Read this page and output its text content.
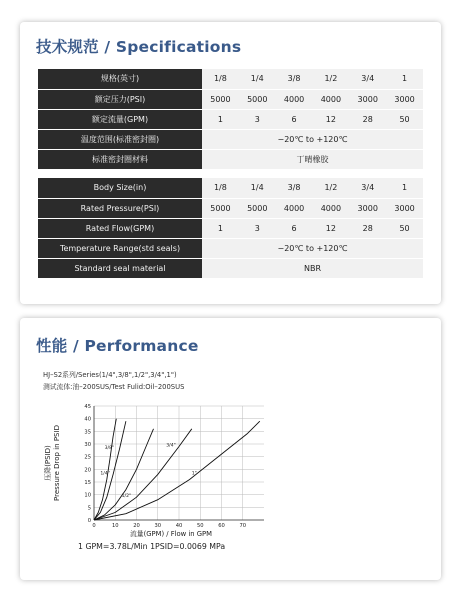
技术规范 / Specifications
规格(英寸)	1/8	1/4	3/8	1/2	3/4	1
额定压力(PSI)	5000	5000	4000	4000	3000	3000
额定流量(GPM)	1	3	6	12	28	50
温度范围(标准密封圈)	−20℃ to +120℃					
标准密封圈材料	丁晴橡胶					
Body Size(in)	1/8	1/4	3/8	1/2	3/4	1
Rated Pressure(PSI)	5000	5000	4000	4000	3000	3000
Rated Flow(GPM)	1	3	6	12	28	50
Temperature Range(std seals)	−20℃ to +120℃					
Standard seal material	NBR					
性能 / Performance
HJ–S2系列/Series(1/4",3/8",1/2",3/4",1")
测试流体:油–200SUS/Test Fulid:Oil–200SUS
0
5
10
15
20
25
30
35
40
45
0	10	20	30	40	50	60	70
1/4"
3/8"
1/2"
3/4"
1"
流量(GPM) / Flow in GPM
压降(PSID) Pressure Drop in PSID
1 GPM=3.78L/Min 1PSID=0.0069 MPa
